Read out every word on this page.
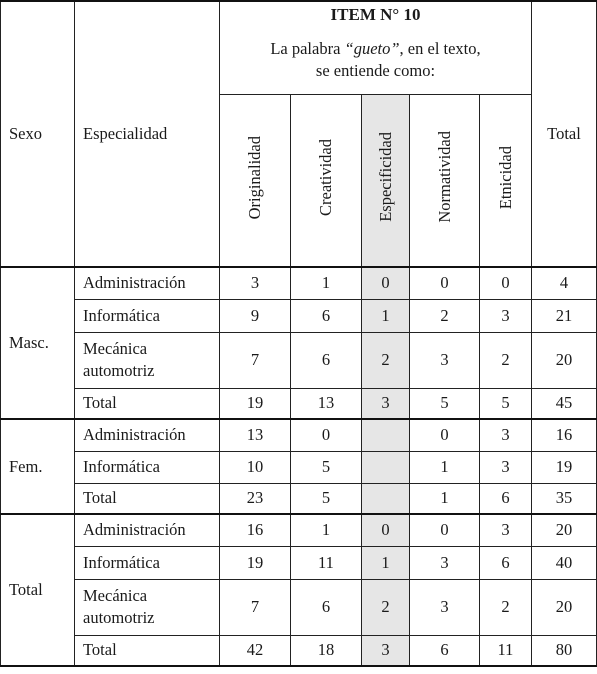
Sexo	Especialidad	ITEM N° 10
La palabra “gueto”, en el texto,
se entiende como:					Total
		Originalidad	Creatividad	Especificidad	Normatividad	Etnicidad	
Masc.	Administración	3	1	0	0	0	4
	Informática	9	6	1	2	3	21
	Mecánica automotriz	7	6	2	3	2	20
	Total	19	13	3	5	5	45
Fem.	Administración	13	0		0	3	16
	Informática	10	5		1	3	19
	Total	23	5		1	6	35
Total	Administración	16	1	0	0	3	20
	Informática	19	11	1	3	6	40
	Mecánica automotriz	7	6	2	3	2	20
	Total	42	18	3	6	11	80
